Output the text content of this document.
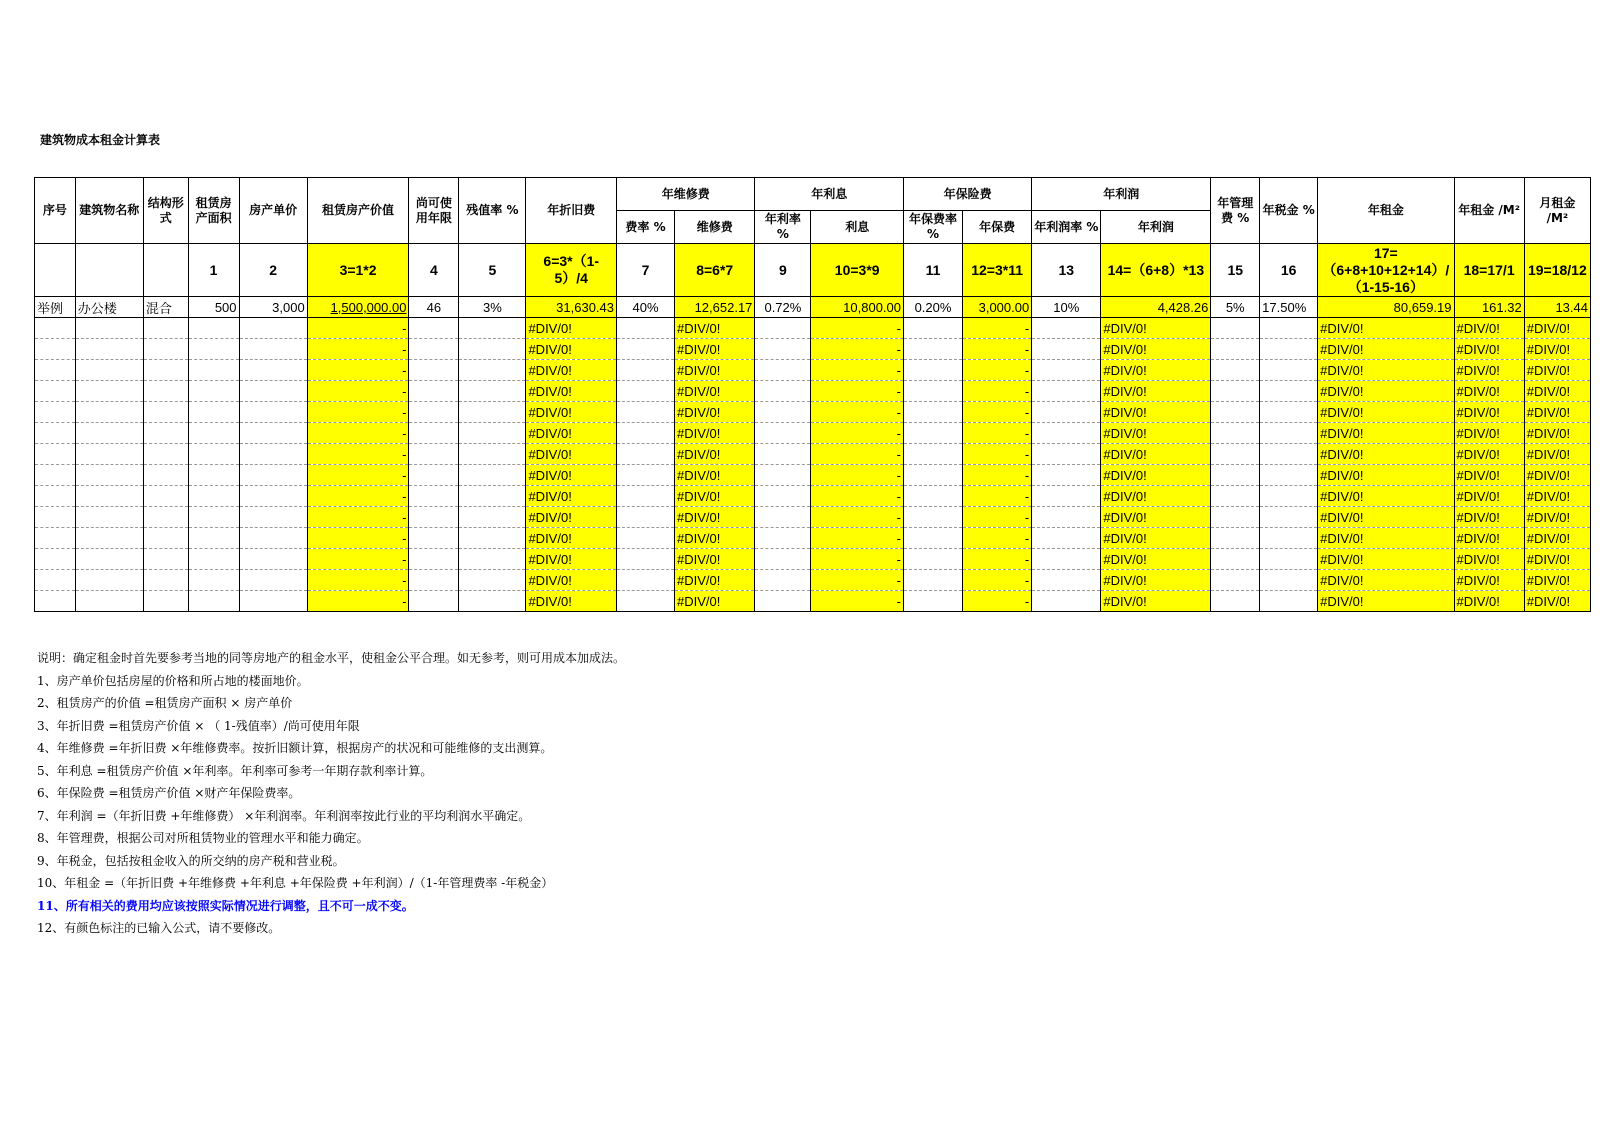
建筑物成本租金计算表
序号	建筑物名称	结构形式	租赁房产面积	房产单价	租赁房产价值	尚可使用年限	残值率 %	年折旧费	年维修费		年利息		年保险费		年利润		年管理费 %	年税金 %	年租金	年租金 /M²	月租金 /M²
									费率 %	维修费	年利率 %	利息	年保费率 %	年保费	年利润率 %	年利润					
			1	2	3=1*2	4	5	6=3*（1-5）/4	7	8=6*7	9	10=3*9	11	12=3*11	13	14=（6+8）*13	15	16	17=（6+8+10+12+14）/（1-15-16）	18=17/1	19=18/12
举例	办公楼	混合	500	3,000	1,500,000.00	46	3%	31,630.43	40%	12,652.17	0.72%	10,800.00	0.20%	3,000.00	10%	4,428.26	5%	17.50%	80,659.19	161.32	13.44
					-			#DIV/0!		#DIV/0!		-		-		#DIV/0!			#DIV/0!	#DIV/0!	#DIV/0!
					-			#DIV/0!		#DIV/0!		-		-		#DIV/0!			#DIV/0!	#DIV/0!	#DIV/0!
					-			#DIV/0!		#DIV/0!		-		-		#DIV/0!			#DIV/0!	#DIV/0!	#DIV/0!
					-			#DIV/0!		#DIV/0!		-		-		#DIV/0!			#DIV/0!	#DIV/0!	#DIV/0!
					-			#DIV/0!		#DIV/0!		-		-		#DIV/0!			#DIV/0!	#DIV/0!	#DIV/0!
					-			#DIV/0!		#DIV/0!		-		-		#DIV/0!			#DIV/0!	#DIV/0!	#DIV/0!
					-			#DIV/0!		#DIV/0!		-		-		#DIV/0!			#DIV/0!	#DIV/0!	#DIV/0!
					-			#DIV/0!		#DIV/0!		-		-		#DIV/0!			#DIV/0!	#DIV/0!	#DIV/0!
					-			#DIV/0!		#DIV/0!		-		-		#DIV/0!			#DIV/0!	#DIV/0!	#DIV/0!
					-			#DIV/0!		#DIV/0!		-		-		#DIV/0!			#DIV/0!	#DIV/0!	#DIV/0!
					-			#DIV/0!		#DIV/0!		-		-		#DIV/0!			#DIV/0!	#DIV/0!	#DIV/0!
					-			#DIV/0!		#DIV/0!		-		-		#DIV/0!			#DIV/0!	#DIV/0!	#DIV/0!
					-			#DIV/0!		#DIV/0!		-		-		#DIV/0!			#DIV/0!	#DIV/0!	#DIV/0!
					-			#DIV/0!		#DIV/0!		-		-		#DIV/0!			#DIV/0!	#DIV/0!	#DIV/0!
说明：确定租金时首先要参考当地的同等房地产的租金水平，使租金公平合理。如无参考，则可用成本加成法。
1、房产单价包括房屋的价格和所占地的楼面地价。
2、租赁房产的价值 =租赁房产面积 × 房产单价
3、年折旧费 =租赁房产价值 × （ 1-残值率）/尚可使用年限
4、年维修费 =年折旧费 ×年维修费率。按折旧额计算，根据房产的状况和可能维修的支出测算。
5、年利息 =租赁房产价值 ×年利率。年利率可参考一年期存款利率计算。
6、年保险费 =租赁房产价值 ×财产年保险费率。
7、年利润 =（年折旧费 +年维修费） ×年利润率。年利润率按此行业的平均利润水平确定。
8、年管理费，根据公司对所租赁物业的管理水平和能力确定。
9、年税金，包括按租金收入的所交纳的房产税和营业税。
10、年租金 =（年折旧费 +年维修费 +年利息 +年保险费 +年利润）/（1-年管理费率 -年税金）
11、所有相关的费用均应该按照实际情况进行调整，且不可一成不变。
12、有颜色标注的已输入公式，请不要修改。
